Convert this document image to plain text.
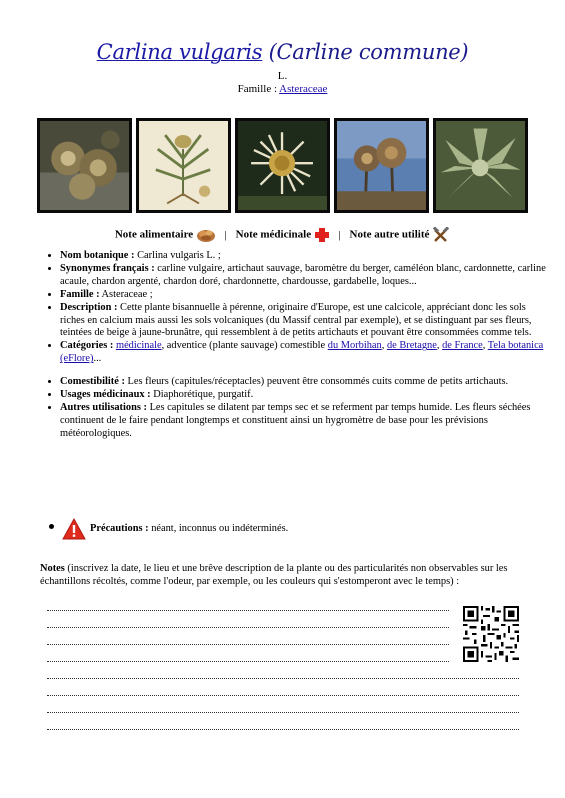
Carlina vulgaris (Carline commune)
L.
Famille : Asteraceae
Note alimentaire	| Note médicinale	| Note autre utilité
• Nom botanique : Carlina vulgaris L. ;
• Synonymes français : carline vulgaire, artichaut sauvage, baromètre du berger, caméléon blanc, cardonnette, carline acaule, chardon argenté, chardon doré, chardonnette, chardousse, gardabelle, loques...
• Famille : Asteraceae ;
• Description : Cette plante bisannuelle à pérenne, originaire d'Europe, est une calcicole, appréciant donc les sols riches en calcium mais aussi les sols volcaniques (du Massif central par exemple), et se distinguant par ses fleurs, teintées de beige à jaune-brunâtre, qui ressemblent à de petits artichauts et pouvant être consommées comme tels.
• Catégories : médicinale, adventice (plante sauvage) comestible du Morbihan, de Bretagne, de France, Tela botanica (eFlore)...
• Comestibilité : Les fleurs (capitules/réceptacles) peuvent être consommés cuits comme de petits artichauts.
• Usages médicinaux : Diaphorétique, purgatif.
• Autres utilisations : Les capitules se dilatent par temps sec et se referment par temps humide. Les fleurs séchées continuent de le faire pendant longtemps et constituent ainsi un hygromètre de base pour les prévisions météorologiques.
Précautions : néant, inconnus ou indéterminés.
Notes (inscrivez la date, le lieu et une brêve description de la plante ou des particularités non observables sur les échantillons récoltés, comme l'odeur, par exemple, ou les couleurs qui s'estomperont avec le temps) :
